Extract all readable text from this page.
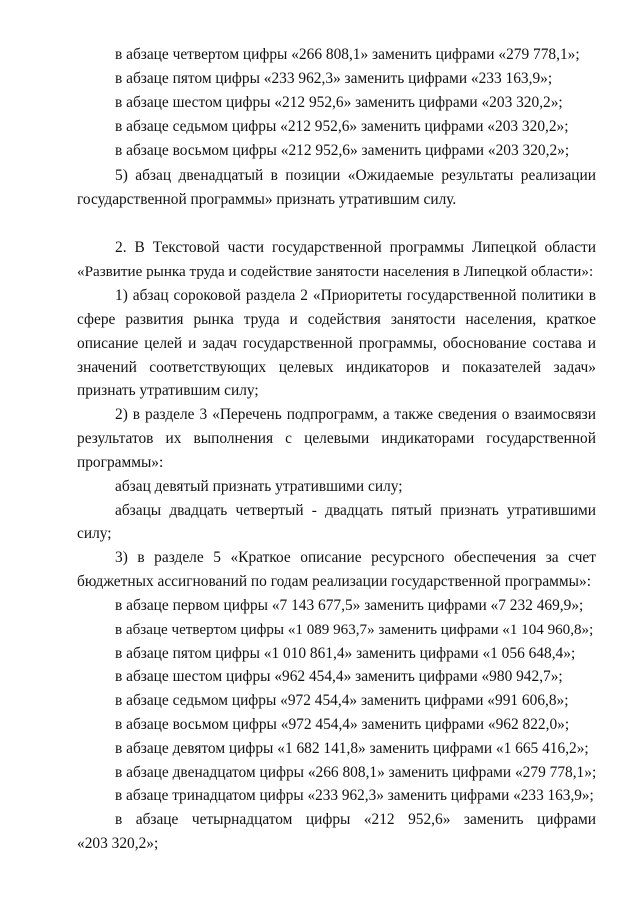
в абзаце четвертом цифры «266 808,1» заменить цифрами «279 778,1»;
в абзаце пятом цифры «233 962,3» заменить цифрами «233 163,9»;
в абзаце шестом цифры «212 952,6» заменить цифрами «203 320,2»;
в абзаце седьмом цифры «212 952,6» заменить цифрами «203 320,2»;
в абзаце восьмом цифры «212 952,6» заменить цифрами «203 320,2»;
5) абзац двенадцатый в позиции «Ожидаемые результаты реализации
государственной программы» признать утратившим силу.
2. В Текстовой части государственной программы Липецкой области
«Развитие рынка труда и содействие занятости населения в Липецкой области»:
1) абзац сороковой раздела 2 «Приоритеты государственной политики в
сфере развития рынка труда и содействия занятости населения, краткое
описание целей и задач государственной программы, обоснование состава и
значений соответствующих целевых индикаторов и показателей задач»
признать утратившим силу;
2) в разделе 3 «Перечень подпрограмм, а также сведения о взаимосвязи
результатов их выполнения с целевыми индикаторами государственной
программы»:
абзац девятый признать утратившими силу;
абзацы двадцать четвертый - двадцать пятый признать утратившими
силу;
3) в разделе 5 «Краткое описание ресурсного обеспечения за счет
бюджетных ассигнований по годам реализации государственной программы»:
в абзаце первом цифры «7 143 677,5» заменить цифрами «7 232 469,9»;
в абзаце четвертом цифры «1 089 963,7» заменить цифрами «1 104 960,8»;
в абзаце пятом цифры «1 010 861,4» заменить цифрами «1 056 648,4»;
в абзаце шестом цифры «962 454,4» заменить цифрами «980 942,7»;
в абзаце седьмом цифры «972 454,4» заменить цифрами «991 606,8»;
в абзаце восьмом цифры «972 454,4» заменить цифрами «962 822,0»;
в абзаце девятом цифры «1 682 141,8» заменить цифрами «1 665 416,2»;
в абзаце двенадцатом цифры «266 808,1» заменить цифрами «279 778,1»;
в абзаце тринадцатом цифры «233 962,3» заменить цифрами «233 163,9»;
в абзаце четырнадцатом цифры «212 952,6» заменить цифрами
«203 320,2»;
